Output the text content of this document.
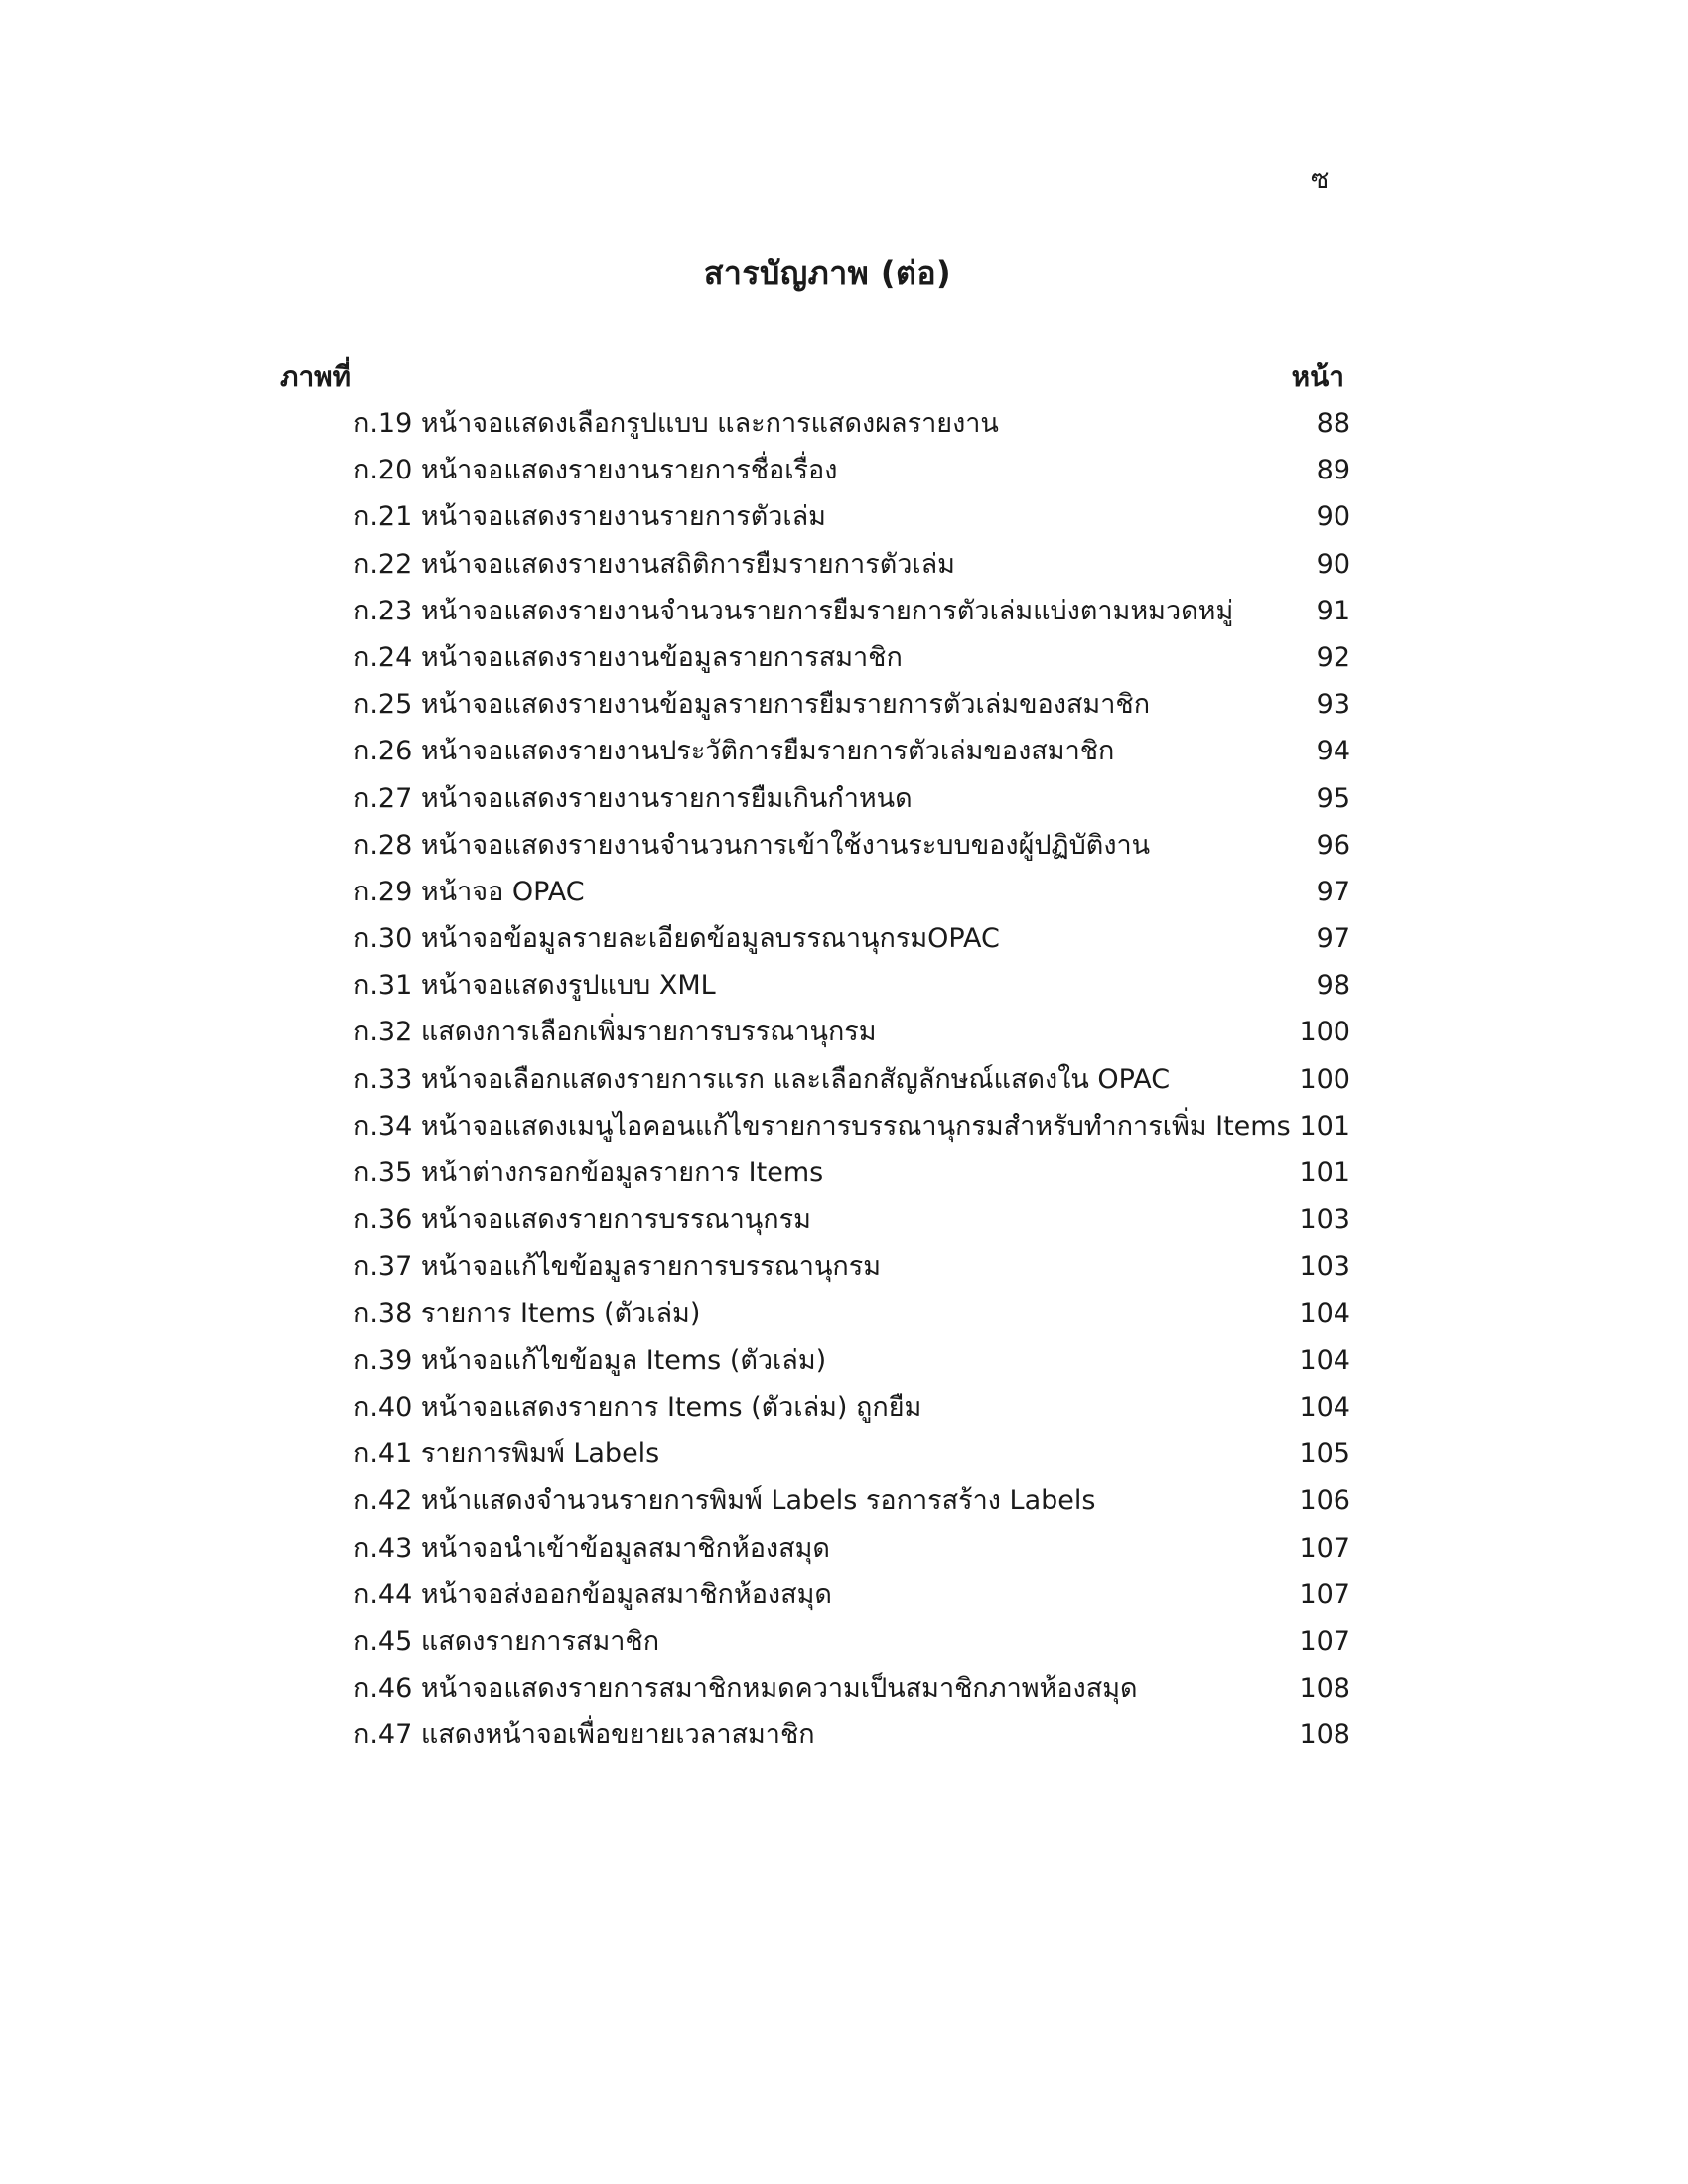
ซ
สารบัญภาพ (ต่อ)
ภาพที่	หน้า
ก.19 หน้าจอแสดงเลือกรูปแบบ และการแสดงผลรายงาน	88
ก.20 หน้าจอแสดงรายงานรายการชื่อเรื่อง	89
ก.21 หน้าจอแสดงรายงานรายการตัวเล่ม	90
ก.22 หน้าจอแสดงรายงานสถิติการยืมรายการตัวเล่ม	90
ก.23 หน้าจอแสดงรายงานจำนวนรายการยืมรายการตัวเล่มแบ่งตามหมวดหมู่	91
ก.24 หน้าจอแสดงรายงานข้อมูลรายการสมาชิก	92
ก.25 หน้าจอแสดงรายงานข้อมูลรายการยืมรายการตัวเล่มของสมาชิก	93
ก.26 หน้าจอแสดงรายงานประวัติการยืมรายการตัวเล่มของสมาชิก	94
ก.27 หน้าจอแสดงรายงานรายการยืมเกินกำหนด	95
ก.28 หน้าจอแสดงรายงานจำนวนการเข้าใช้งานระบบของผู้ปฏิบัติงาน	96
ก.29 หน้าจอ OPAC	97
ก.30 หน้าจอข้อมูลรายละเอียดข้อมูลบรรณานุกรมOPAC	97
ก.31 หน้าจอแสดงรูปแบบ XML	98
ก.32 แสดงการเลือกเพิ่มรายการบรรณานุกรม	100
ก.33 หน้าจอเลือกแสดงรายการแรก และเลือกสัญลักษณ์แสดงใน OPAC	100
ก.34 หน้าจอแสดงเมนูไอคอนแก้ไขรายการบรรณานุกรมสำหรับทำการเพิ่ม Items 101
ก.35 หน้าต่างกรอกข้อมูลรายการ Items	101
ก.36 หน้าจอแสดงรายการบรรณานุกรม	103
ก.37 หน้าจอแก้ไขข้อมูลรายการบรรณานุกรม	103
ก.38 รายการ Items (ตัวเล่ม)	104
ก.39 หน้าจอแก้ไขข้อมูล Items (ตัวเล่ม)	104
ก.40 หน้าจอแสดงรายการ Items (ตัวเล่ม) ถูกยืม	104
ก.41 รายการพิมพ์ Labels	105
ก.42 หน้าแสดงจำนวนรายการพิมพ์ Labels รอการสร้าง Labels	106
ก.43 หน้าจอนำเข้าข้อมูลสมาชิกห้องสมุด	107
ก.44 หน้าจอส่งออกข้อมูลสมาชิกห้องสมุด	107
ก.45 แสดงรายการสมาชิก	107
ก.46 หน้าจอแสดงรายการสมาชิกหมดความเป็นสมาชิกภาพห้องสมุด	108
ก.47 แสดงหน้าจอเพื่อขยายเวลาสมาชิก	108
